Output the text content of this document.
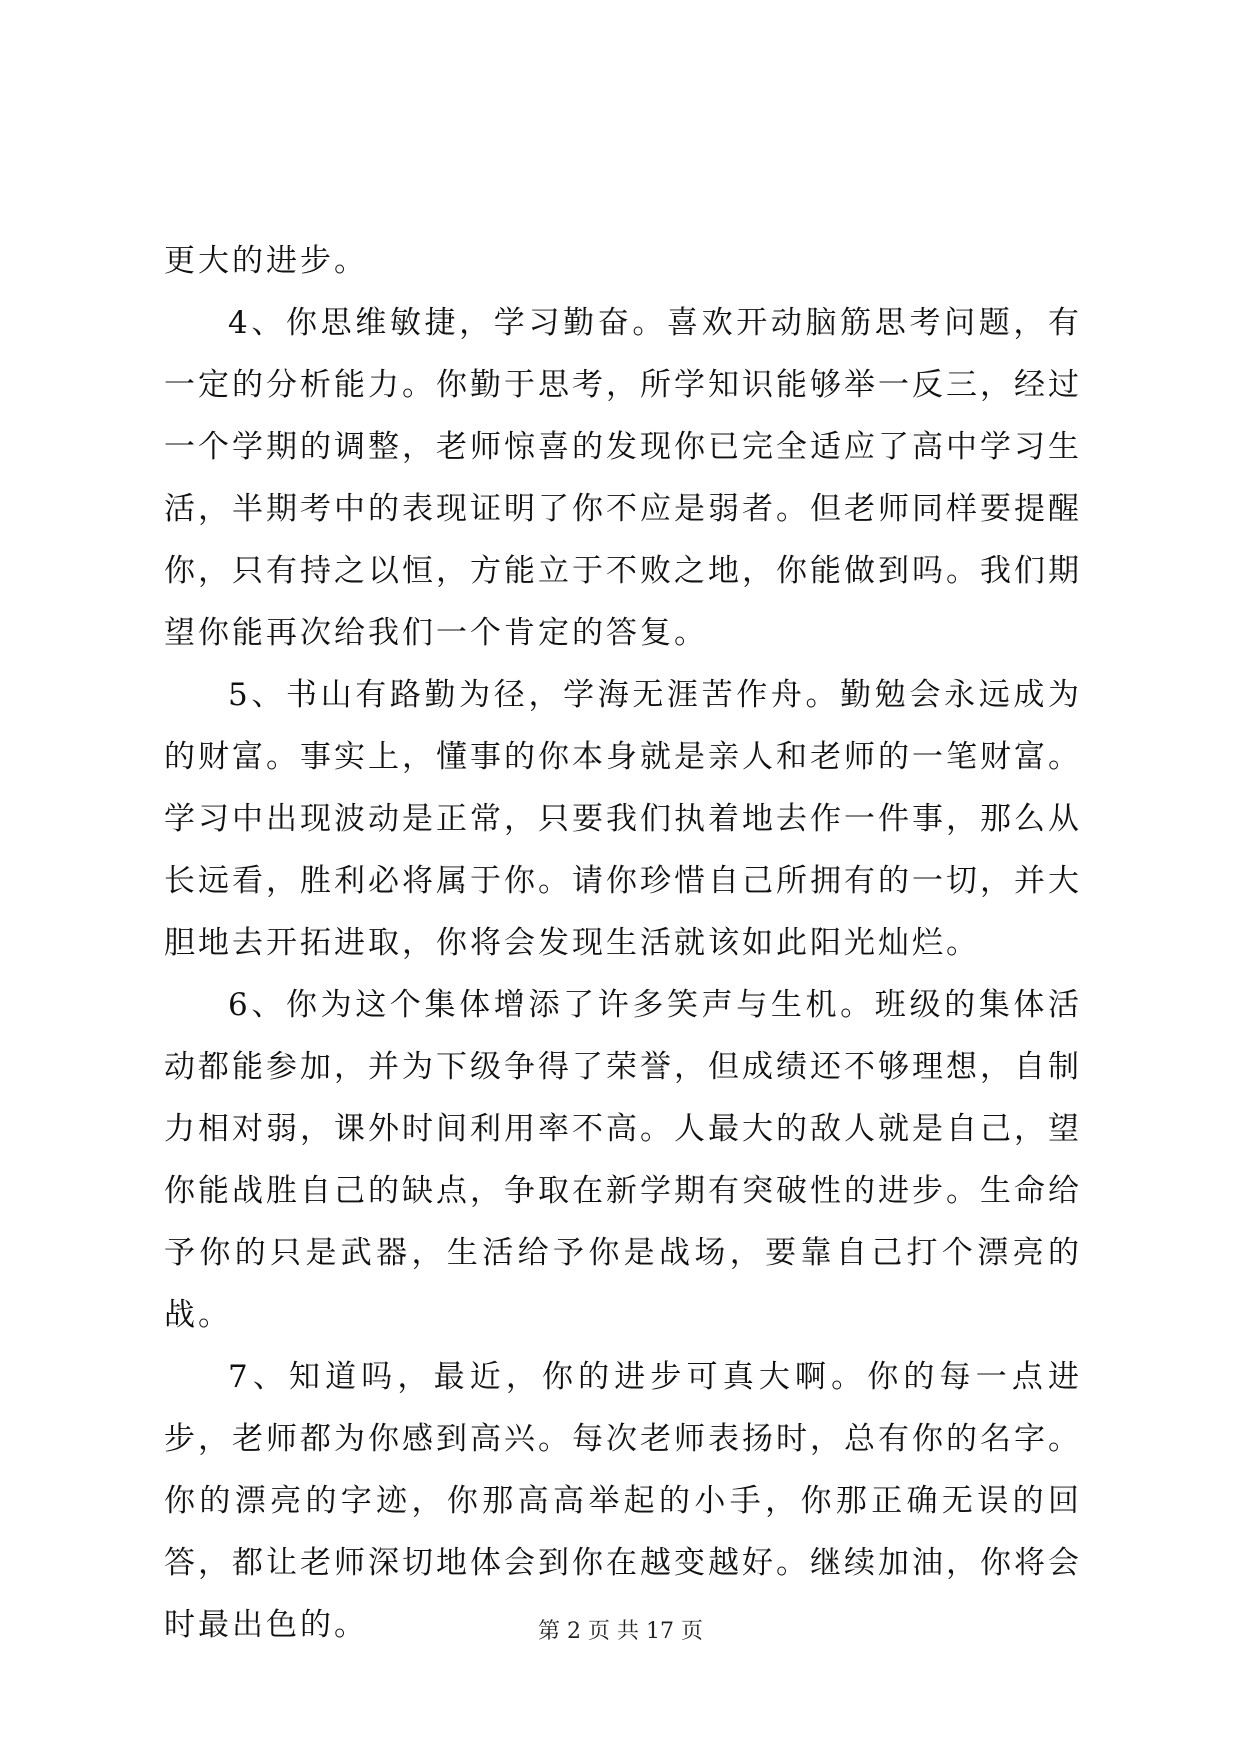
更大的进步。

4、你思维敏捷，学习勤奋。喜欢开动脑筋思考问题，有一定的分析能力。你勤于思考，所学知识能够举一反三，经过一个学期的调整，老师惊喜的发现你已完全适应了高中学习生活，半期考中的表现证明了你不应是弱者。但老师同样要提醒你，只有持之以恒，方能立于不败之地，你能做到吗。我们期望你能再次给我们一个肯定的答复。

5、书山有路勤为径，学海无涯苦作舟。勤勉会永远成为的财富。事实上，懂事的你本身就是亲人和老师的一笔财富。学习中出现波动是正常，只要我们执着地去作一件事，那么从长远看，胜利必将属于你。请你珍惜自己所拥有的一切，并大胆地去开拓进取，你将会发现生活就该如此阳光灿烂。

6、你为这个集体增添了许多笑声与生机。班级的集体活动都能参加，并为下级争得了荣誉，但成绩还不够理想，自制力相对弱，课外时间利用率不高。人最大的敌人就是自己，望你能战胜自己的缺点，争取在新学期有突破性的进步。生命给予你的只是武器，生活给予你是战场，要靠自己打个漂亮的战。

7、知道吗，最近，你的进步可真大啊。你的每一点进步，老师都为你感到高兴。每次老师表扬时，总有你的名字。你的漂亮的字迹，你那高高举起的小手，你那正确无误的回答，都让老师深切地体会到你在越变越好。继续加油，你将会时最出色的。	第 2 页 共 17 页
